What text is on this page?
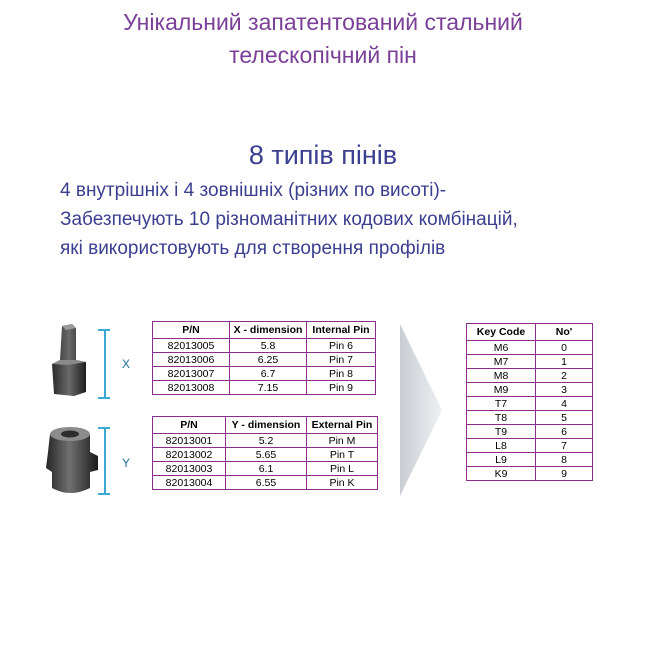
Унікальний запатентований стальний
телескопічний пін
8 типів пінів
4 внутрішніх і 4 зовнішніх (різних по висоті)-
Забезпечують 10 різноманітних кодових комбінацій,
які використовують для створення профілів
X
Y
P/N	X - dimension	Internal Pin
82013005	5.8	Pin 6
82013006	6.25	Pin 7
82013007	6.7	Pin 8
82013008	7.15	Pin 9
P/N	Y - dimension	External Pin
82013001	5.2	Pin M
82013002	5.65	Pin T
82013003	6.1	Pin L
82013004	6.55	Pin K
Key Code	No'
M6	0
M7	1
M8	2
M9	3
T7	4
T8	5
T9	6
L8	7
L9	8
K9	9
